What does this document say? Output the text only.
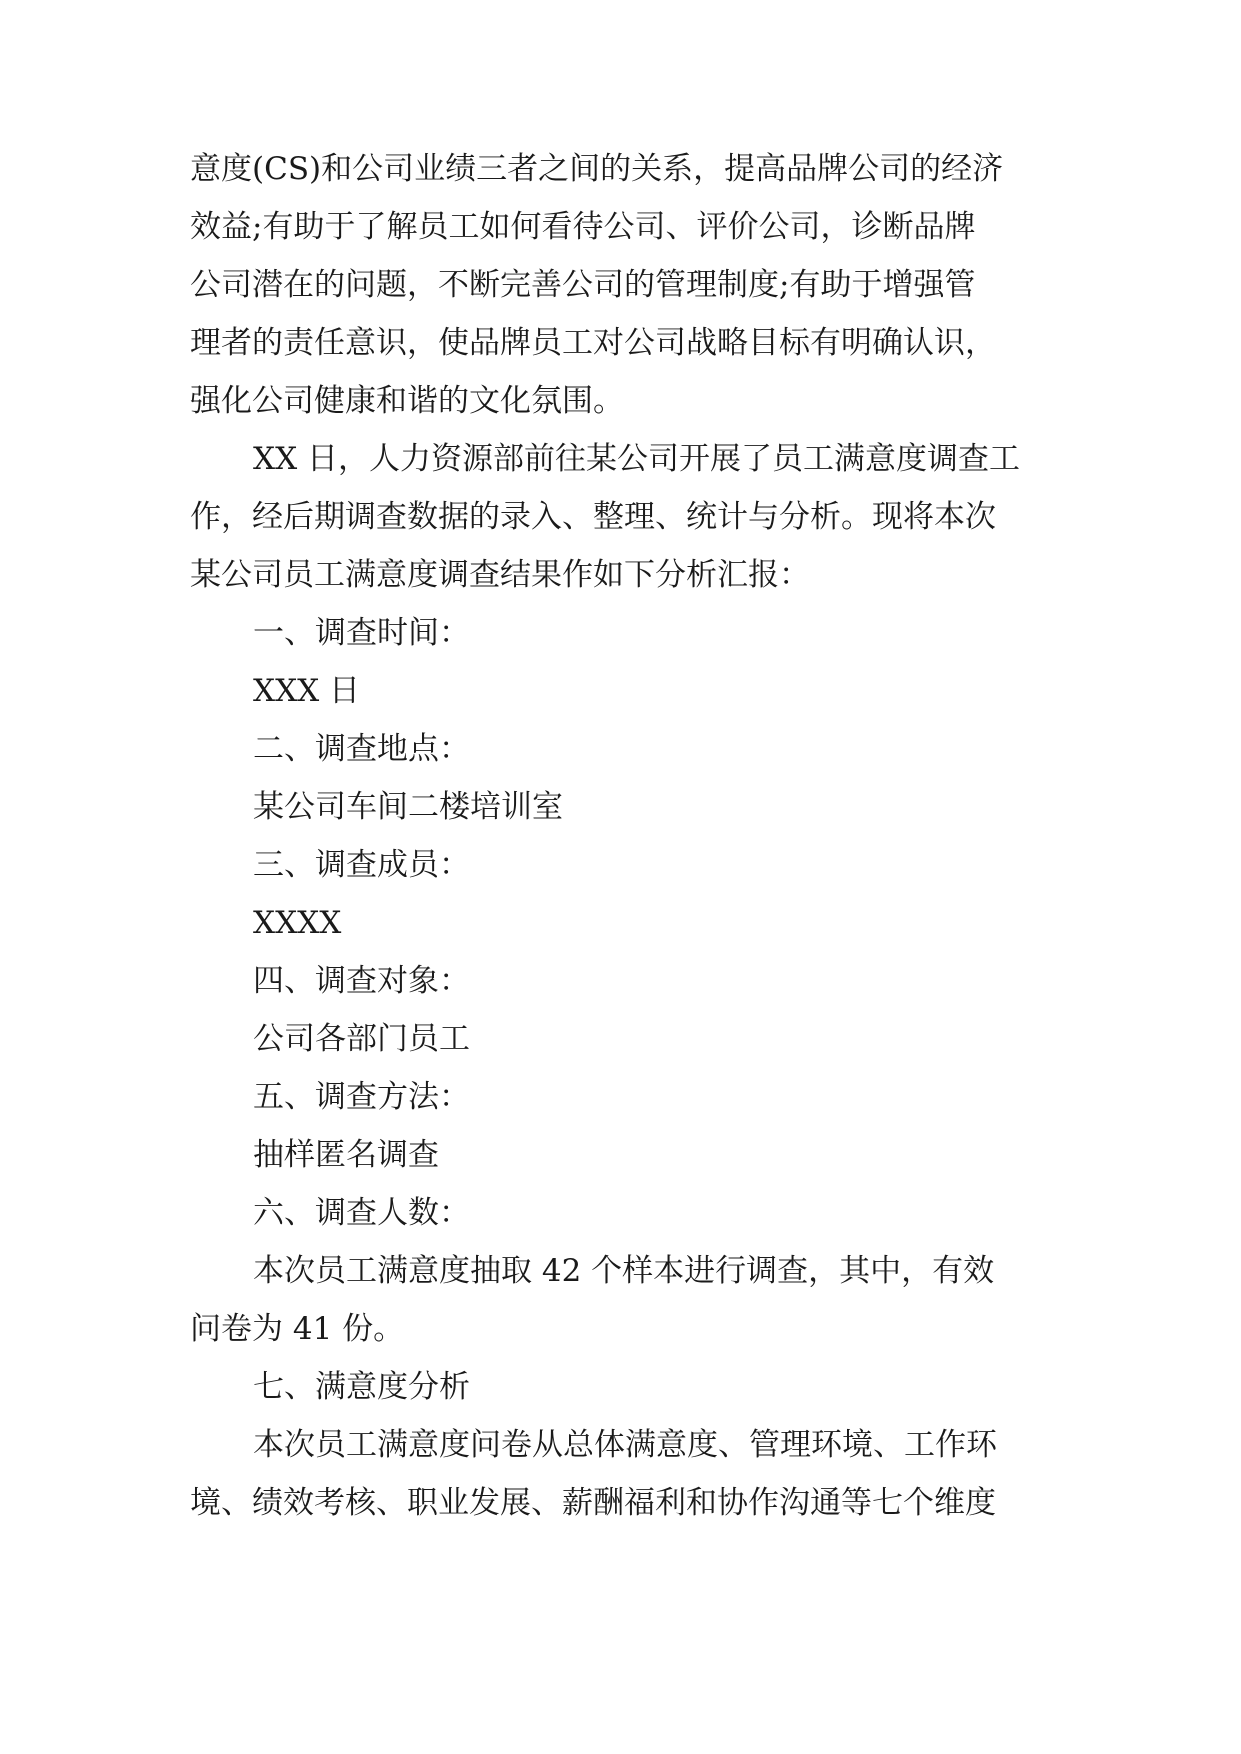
意度(CS)和公司业绩三者之间的关系，提高品牌公司的经济
效益;有助于了解员工如何看待公司、评价公司，诊断品牌
公司潜在的问题，不断完善公司的管理制度;有助于增强管
理者的责任意识，使品牌员工对公司战略目标有明确认识，
强化公司健康和谐的文化氛围。
XX 日，人力资源部前往某公司开展了员工满意度调查工
作，经后期调查数据的录入、整理、统计与分析。现将本次
某公司员工满意度调查结果作如下分析汇报：
一、调查时间：
XXX 日
二、调查地点：
某公司车间二楼培训室
三、调查成员：
XXXX
四、调查对象：
公司各部门员工
五、调查方法：
抽样匿名调查
六、调查人数：
本次员工满意度抽取 42 个样本进行调查，其中，有效
问卷为 41 份。
七、满意度分析
本次员工满意度问卷从总体满意度、管理环境、工作环
境、绩效考核、职业发展、薪酬福利和协作沟通等七个维度
